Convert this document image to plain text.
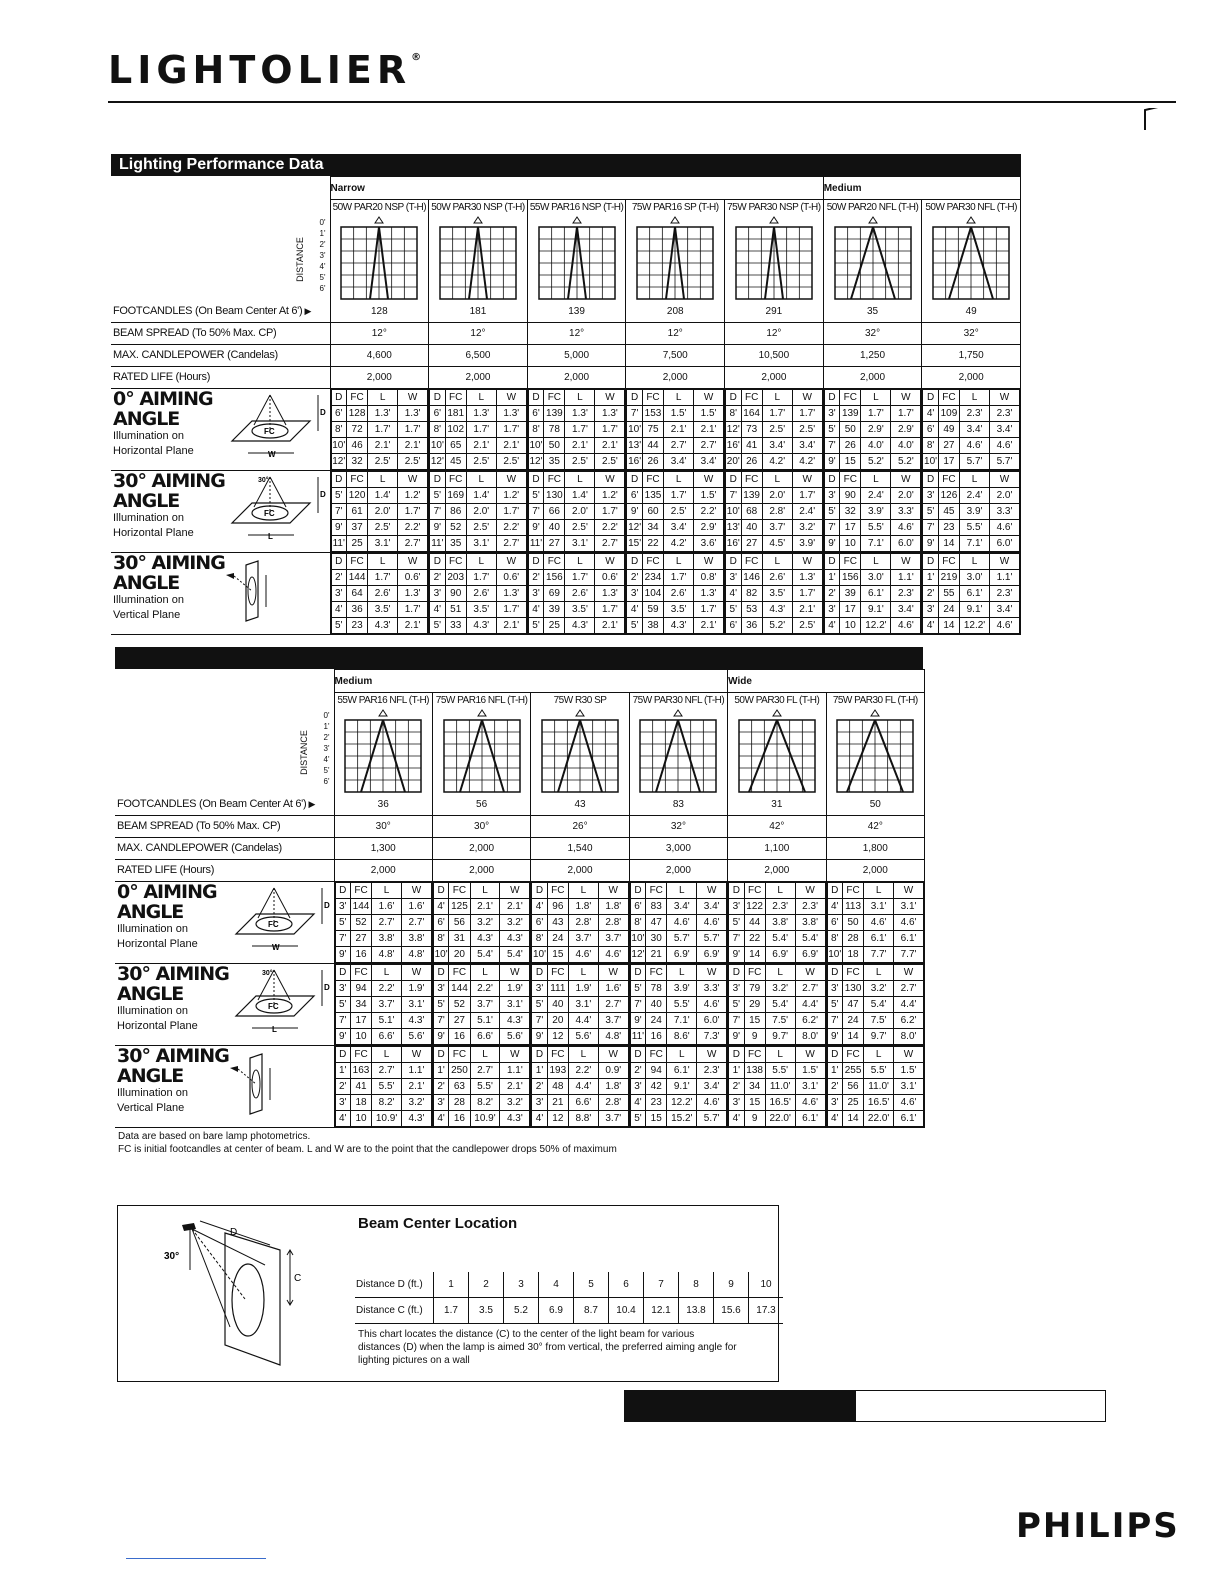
LIGHTOLIER®
Lighting Performance Data
	Narrow	Medium

DISTANCE
0'
1'
2'
3'
4'
5'
6'
	50W PAR20 NSP (T-H)	50W PAR30 NSP (T-H)	55W PAR16 NSP (T-H)	75W PAR16 SP (T-H)	75W PAR30 NSP (T-H)	50W PAR20 NFL (T-H)	50W PAR30 NFL (T-H)

FOOTCANDLES (On Beam Center At 6') ▶	128	181	139	208	291	35	49
BEAM SPREAD (To 50% Max. CP)	12°	12°	12°	12°	12°	32°	32°
MAX. CANDLEPOWER (Candelas)	4,600	6,500	5,000	7,500	10,500	1,250	1,750
RATED LIFE (Hours)	2,000	2,000	2,000	2,000	2,000	2,000	2,000

0° AIMING
ANGLE
Illumination on
Horizontal Plane
FC
W
D

D	FC	L	W
6'	128	1.3'	1.3'
8'	72	1.7'	1.7'
10'	46	2.1'	2.1'
12'	32	2.5'	2.5'

D	FC	L	W
6'	181	1.3'	1.3'
8'	102	1.7'	1.7'
10'	65	2.1'	2.1'
12'	45	2.5'	2.5'

D	FC	L	W
6'	139	1.3'	1.3'
8'	78	1.7'	1.7'
10'	50	2.1'	2.1'
12'	35	2.5'	2.5'

D	FC	L	W
7'	153	1.5'	1.5'
10'	75	2.1'	2.1'
13'	44	2.7'	2.7'
16'	26	3.4'	3.4'

D	FC	L	W
8'	164	1.7'	1.7'
12'	73	2.5'	2.5'
16'	41	3.4'	3.4'
20'	26	4.2'	4.2'

D	FC	L	W
3'	139	1.7'	1.7'
5'	50	2.9'	2.9'
7'	26	4.0'	4.0'
9'	15	5.2'	5.2'

D	FC	L	W
4'	109	2.3'	2.3'
6'	49	3.4'	3.4'
8'	27	4.6'	4.6'
10'	17	5.7'	5.7'

30° AIMING
ANGLE
Illumination on
Horizontal Plane
FC
L
D
30°
		D	FC	L	W
5'	120	1.4'	1.2'
7'	61	2.0'	1.7'
9'	37	2.5'	2.2'
11'	25	3.1'	2.7'

D	FC	L	W
5'	169	1.4'	1.2'
7'	86	2.0'	1.7'
9'	52	2.5'	2.2'
11'	35	3.1'	2.7'

D	FC	L	W
5'	130	1.4'	1.2'
7'	66	2.0'	1.7'
9'	40	2.5'	2.2'
11'	27	3.1'	2.7'

D	FC	L	W
6'	135	1.7'	1.5'
9'	60	2.5'	2.2'
12'	34	3.4'	2.9'
15'	22	4.2'	3.6'

D	FC	L	W
7'	139	2.0'	1.7'
10'	68	2.8'	2.4'
13'	40	3.7'	3.2'
16'	27	4.5'	3.9'

D	FC	L	W
3'	90	2.4'	2.0'
5'	32	3.9'	3.3'
7'	17	5.5'	4.6'
9'	10	7.1'	6.0'

D	FC	L	W
3'	126	2.4'	2.0'
5'	45	3.9'	3.3'
7'	23	5.5'	4.6'
9'	14	7.1'	6.0'

30° AIMING
ANGLE
Illumination on
Vertical Plane

D	FC	L	W
2'	144	1.7'	0.6'
3'	64	2.6'	1.3'
4'	36	3.5'	1.7'
5'	23	4.3'	2.1'

D	FC	L	W
2'	203	1.7'	0.6'
3'	90	2.6'	1.3'
4'	51	3.5'	1.7'
5'	33	4.3'	2.1'

D	FC	L	W
2'	156	1.7'	0.6'
3'	69	2.6'	1.3'
4'	39	3.5'	1.7'
5'	25	4.3'	2.1'

D	FC	L	W
2'	234	1.7'	0.8'
3'	104	2.6'	1.3'
4'	59	3.5'	1.7'
5'	38	4.3'	2.1'

D	FC	L	W
3'	146	2.6'	1.3'
4'	82	3.5'	1.7'
5'	53	4.3'	2.1'
6'	36	5.2'	2.5'

D	FC	L	W
1'	156	3.0'	1.1'
2'	39	6.1'	2.3'
3'	17	9.1'	3.4'
4'	10	12.2'	4.6'

D	FC	L	W
1'	219	3.0'	1.1'
2'	55	6.1'	2.3'
3'	24	9.1'	3.4'
4'	14	12.2'	4.6'
	Medium	Wide

DISTANCE
0'
1'
2'
3'
4'
5'
6'
	55W PAR16 NFL (T-H)	75W PAR16 NFL (T-H)	75W R30 SP	75W PAR30 NFL (T-H)	50W PAR30 FL (T-H)	75W PAR30 FL (T-H)

FOOTCANDLES (On Beam Center At 6') ▶	36	56	43	83	31	50
BEAM SPREAD (To 50% Max. CP)	30°	30°	26°	32°	42°	42°
MAX. CANDLEPOWER (Candelas)	1,300	2,000	1,540	3,000	1,100	1,800
RATED LIFE (Hours)	2,000	2,000	2,000	2,000	2,000	2,000

0° AIMING
ANGLE
Illumination on
Horizontal Plane
FC
W
D

D	FC	L	W
3'	144	1.6'	1.6'
5'	52	2.7'	2.7'
7'	27	3.8'	3.8'
9'	16	4.8'	4.8'

D	FC	L	W
4'	125	2.1'	2.1'
6'	56	3.2'	3.2'
8'	31	4.3'	4.3'
10'	20	5.4'	5.4'

D	FC	L	W
4'	96	1.8'	1.8'
6'	43	2.8'	2.8'
8'	24	3.7'	3.7'
10'	15	4.6'	4.6'

D	FC	L	W
6'	83	3.4'	3.4'
8'	47	4.6'	4.6'
10'	30	5.7'	5.7'
12'	21	6.9'	6.9'

D	FC	L	W
3'	122	2.3'	2.3'
5'	44	3.8'	3.8'
7'	22	5.4'	5.4'
9'	14	6.9'	6.9'

D	FC	L	W
4'	113	3.1'	3.1'
6'	50	4.6'	4.6'
8'	28	6.1'	6.1'
10'	18	7.7'	7.7'

30° AIMING
ANGLE
Illumination on
Horizontal Plane
FC
L
D
30°
		D	FC	L	W
3'	94	2.2'	1.9'
5'	34	3.7'	3.1'
7'	17	5.1'	4.3'
9'	10	6.6'	5.6'

D	FC	L	W
3'	144	2.2'	1.9'
5'	52	3.7'	3.1'
7'	27	5.1'	4.3'
9'	16	6.6'	5.6'

D	FC	L	W
3'	111	1.9'	1.6'
5'	40	3.1'	2.7'
7'	20	4.4'	3.7'
9'	12	5.6'	4.8'

D	FC	L	W
5'	78	3.9'	3.3'
7'	40	5.5'	4.6'
9'	24	7.1'	6.0'
11'	16	8.6'	7.3'

D	FC	L	W
3'	79	3.2'	2.7'
5'	29	5.4'	4.4'
7'	15	7.5'	6.2'
9'	9	9.7'	8.0'

D	FC	L	W
3'	130	3.2'	2.7'
5'	47	5.4'	4.4'
7'	24	7.5'	6.2'
9'	14	9.7'	8.0'

30° AIMING
ANGLE
Illumination on
Vertical Plane

D	FC	L	W
1'	163	2.7'	1.1'
2'	41	5.5'	2.1'
3'	18	8.2'	3.2'
4'	10	10.9'	4.3'

D	FC	L	W
1'	250	2.7'	1.1'
2'	63	5.5'	2.1'
3'	28	8.2'	3.2'
4'	16	10.9'	4.3'

D	FC	L	W
1'	193	2.2'	0.9'
2'	48	4.4'	1.8'
3'	21	6.6'	2.8'
4'	12	8.8'	3.7'

D	FC	L	W
2'	94	6.1'	2.3'
3'	42	9.1'	3.4'
4'	23	12.2'	4.6'
5'	15	15.2'	5.7'

D	FC	L	W
1'	138	5.5'	1.5'
2'	34	11.0'	3.1'
3'	15	16.5'	4.6'
4'	9	22.0'	6.1'

D	FC	L	W
1'	255	5.5'	1.5'
2'	56	11.0'	3.1'
3'	25	16.5'	4.6'
4'	14	22.0'	6.1'
Data are based on bare lamp photometrics.
FC is initial footcandles at center of beam. L and W are to the point that the candlepower drops 50% of maximum
D
C
30°
Beam Center Location
Distance D (ft.)	1	2	3	4	5	6	7	8	9	10
Distance C (ft.)	1.7	3.5	5.2	6.9	8.7	10.4	12.1	13.8	15.6	17.3
This chart locates the distance (C) to the center of the light beam for various distances (D) when the lamp is aimed 30° from vertical, the preferred aiming angle for lighting pictures on a wall
PHILIPS
